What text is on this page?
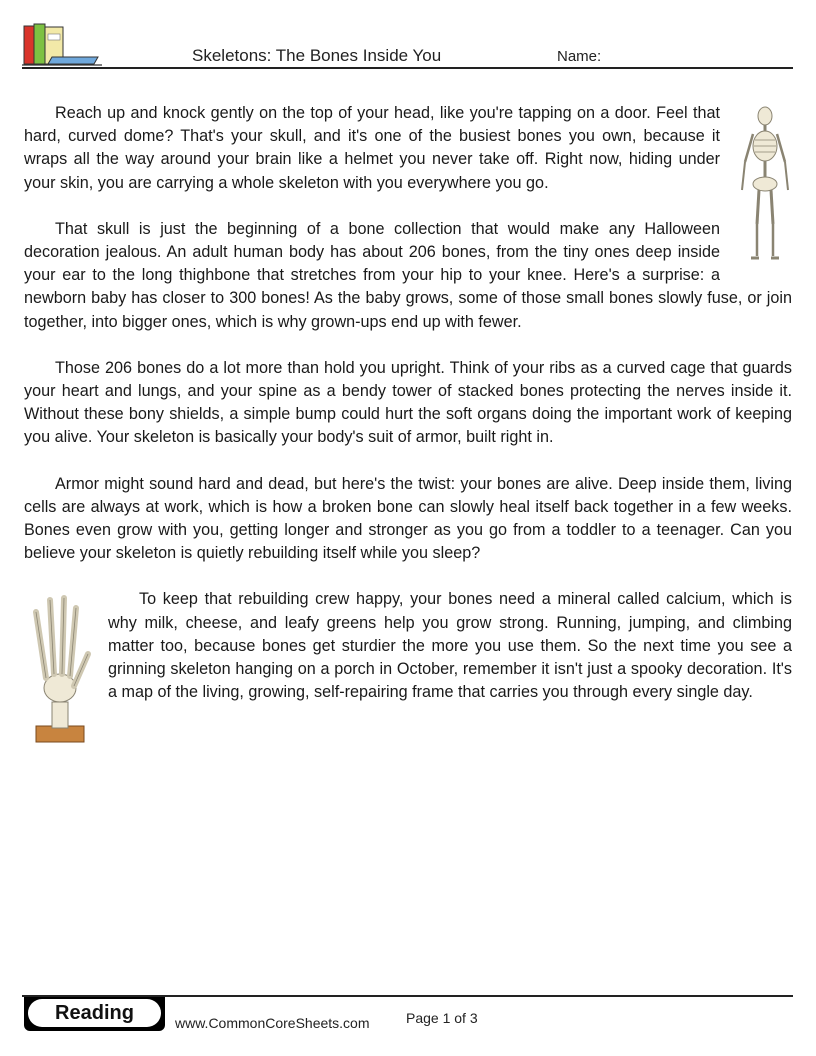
Skeletons: The Bones Inside You	Name:

Reach up and knock gently on the top of your head, like you're tapping on a door. Feel that hard, curved dome? That's your skull, and it's one of the busiest bones you own, because it wraps all the way around your brain like a helmet you never take off. Right now, hiding under your skin, you are carrying a whole skeleton with you everywhere you go.

That skull is just the beginning of a bone collection that would make any Halloween decoration jealous. An adult human body has about 206 bones, from the tiny ones deep inside your ear to the long thighbone that stretches from your hip to your knee. Here's a surprise: a newborn baby has closer to 300 bones! As the baby grows, some of those small bones slowly fuse, or join together, into bigger ones, which is why grown-ups end up with fewer.

Those 206 bones do a lot more than hold you upright. Think of your ribs as a curved cage that guards your heart and lungs, and your spine as a bendy tower of stacked bones protecting the nerves inside it. Without these bony shields, a simple bump could hurt the soft organs doing the important work of keeping you alive. Your skeleton is basically your body's suit of armor, built right in.

Armor might sound hard and dead, but here's the twist: your bones are alive. Deep inside them, living cells are always at work, which is how a broken bone can slowly heal itself back together in a few weeks. Bones even grow with you, getting longer and stronger as you go from a toddler to a teenager. Can you believe your skeleton is quietly rebuilding itself while you sleep?

To keep that rebuilding crew happy, your bones need a mineral called calcium, which is why milk, cheese, and leafy greens help you grow strong. Running, jumping, and climbing matter too, because bones get sturdier the more you use them. So the next time you see a grinning skeleton hanging on a porch in October, remember it isn't just a spooky decoration. It's a map of the living, growing, self-repairing frame that carries you through every single day.

Reading	www.CommonCoreSheets.com	Page 1 of 3
